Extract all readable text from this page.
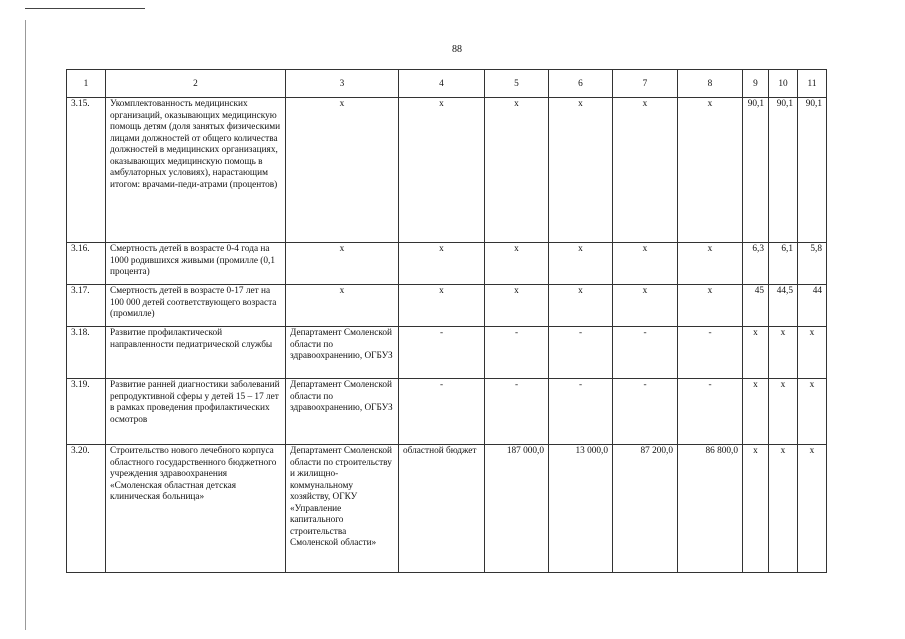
88
1	2	3	4	5	6	7	8	9	10	11
3.15.	Укомплектованность медицинских организаций, оказывающих медицинскую помощь детям (доля занятых физическими лицами должностей от общего количества должностей в медицинских организациях, оказывающих медицинскую помощь в амбулаторных условиях), нарастающим итогом: врачами-педи-атрами (процентов)	x	x	x	x	x	x	90,1	90,1	90,1
3.16.	Смертность детей в возрасте 0-4 года на 1000 родившихся живыми (промилле (0,1 процента)	x	x	x	x	x	x	6,3	6,1	5,8
3.17.	Смертность детей в возрасте 0-17 лет на 100 000 детей соответствующего возраста (промилле)	x	x	x	x	x	x	45	44,5	44
3.18.	Развитие профилактической направленности педиатрической службы	Департамент Смоленской области по здравоохранению, ОГБУЗ	-	-	-	-	-	x	x	x
3.19.	Развитие ранней диагностики заболеваний репродуктивной сферы у детей 15 – 17 лет в рамках проведения профилактических осмотров	Департамент Смоленской области по здравоохранению, ОГБУЗ	-	-	-	-	-	x	x	x
3.20.	Строительство нового лечебного корпуса областного государственного бюджетного учреждения здравоохранения «Смоленская областная детская клиническая больница»	Департамент Смоленской области по строительству и жилищно-коммунальному хозяйству, ОГКУ «Управление капитального строительства Смоленской области»	областной бюджет	187 000,0	13 000,0	87 200,0	86 800,0	x	x	x
